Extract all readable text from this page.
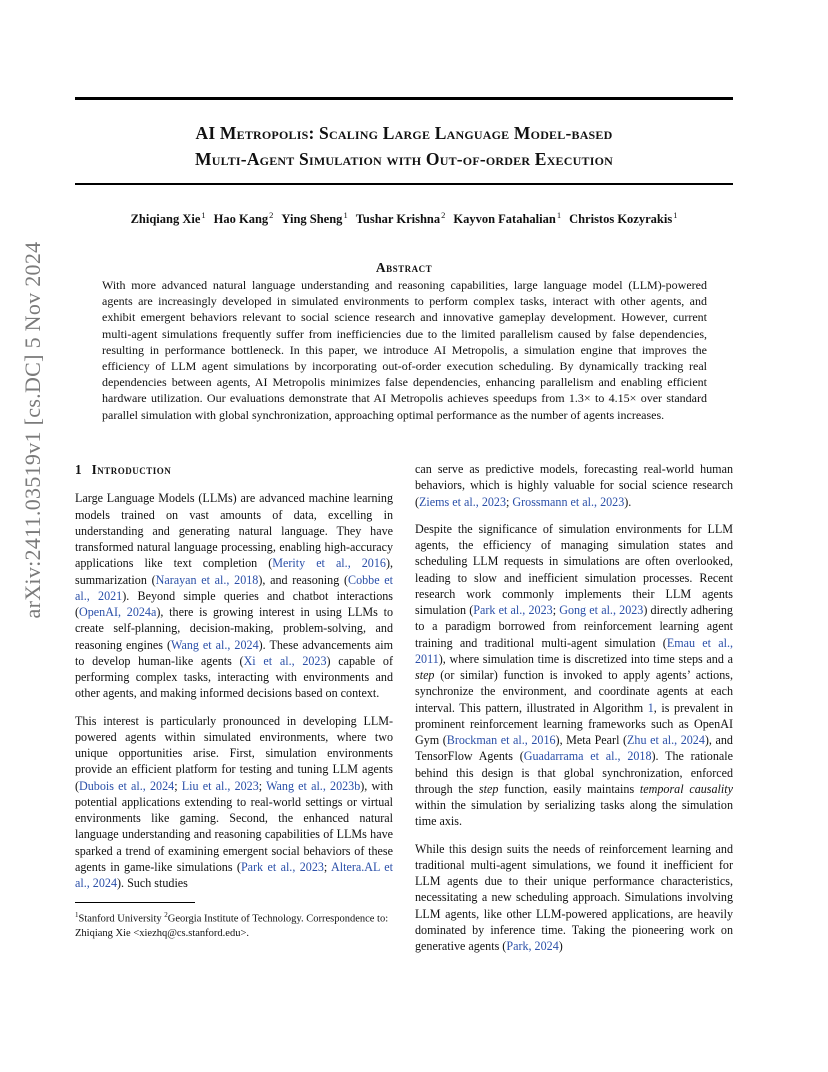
AI Metropolis: Scaling Large Language Model-based
Multi-Agent Simulation with Out-of-order Execution
Zhiqiang Xie$^1$ Hao Kang$^2$ Ying Sheng$^1$ Tushar Krishna$^2$ Kayvon Fatahalian$^1$ Christos Kozyrakis$^1$
Abstract

With more advanced natural language understanding and reasoning capabilities, large language model (LLM)-powered agents are increasingly developed in simulated environments to perform complex tasks, interact with other agents, and exhibit emergent behaviors relevant to social science research and innovative gameplay development. However, current multi-agent simulations frequently suffer from inefficiencies due to the limited parallelism caused by false dependencies, resulting in performance bottleneck. In this paper, we introduce AI Metropolis, a simulation engine that improves the efficiency of LLM agent simulations by incorporating out-of-order execution scheduling. By dynamically tracking real dependencies between agents, AI Metropolis minimizes false dependencies, enhancing parallelism and enabling efficient hardware utilization. Our evaluations demonstrate that AI Metropolis achieves speedups from 1.3× to 4.15× over standard parallel simulation with global synchronization, approaching optimal performance as the number of agents increases.

arXiv:2411.03519v1 [cs.DC] 5 Nov 2024 1 Introduction

Large Language Models (LLMs) are advanced machine learning models trained on vast amounts of data, excelling in understanding and generating natural language. They have transformed natural language processing, enabling high-accuracy applications like text completion (Merity et al., 2016), summarization (Narayan et al., 2018), and reasoning (Cobbe et al., 2021). Beyond simple queries and chatbot interactions (OpenAI, 2024a), there is growing interest in using LLMs to create self-planning, decision-making, problem-solving, and reasoning engines (Wang et al., 2024). These advancements aim to develop human-like agents (Xi et al., 2023) capable of performing complex tasks, interacting with environments and other agents, and making informed decisions based on context.

This interest is particularly pronounced in developing LLM-powered agents within simulated environments, where two unique opportunities arise. First, simulation environments provide an efficient platform for testing and tuning LLM agents (Dubois et al., 2024; Liu et al., 2023; Wang et al., 2023b), with potential applications extending to real-world settings or virtual environments like gaming. Second, the enhanced natural language understanding and reasoning capabilities of LLMs have sparked a trend of examining emergent social behaviors of these agents in game-like simulations (Park et al., 2023; Altera.AL et al., 2024). Such studies

can serve as predictive models, forecasting real-world human behaviors, which is highly valuable for social science research (Ziems et al., 2023; Grossmann et al., 2023).

Despite the significance of simulation environments for LLM agents, the efficiency of managing simulation states and scheduling LLM requests in simulations are often overlooked, leading to slow and inefficient simulation processes. Recent research work commonly implements their LLM agents simulation (Park et al., 2023; Gong et al., 2023) directly adhering to a paradigm borrowed from reinforcement learning agent training and traditional multi-agent simulation (Emau et al., 2011), where simulation time is discretized into time steps and a step (or similar) function is invoked to apply agents’ actions, synchronize the environment, and coordinate agents at each interval. This pattern, illustrated in Algorithm 1, is prevalent in prominent reinforcement learning frameworks such as OpenAI Gym (Brockman et al., 2016), Meta Pearl (Zhu et al., 2024), and TensorFlow Agents (Guadarrama et al., 2018). The rationale behind this design is that global synchronization, enforced through the step function, easily maintains temporal causality within the simulation by serializing tasks along the simulation time axis.

While this design suits the needs of reinforcement learning and traditional multi-agent simulations, we found it inefficient for LLM agents due to their unique performance characteristics, necessitating a new scheduling approach. Simulations involving LLM agents, like other LLM-powered applications, are heavily dominated by inference time. Taking the pioneering work on generative agents (Park, 2024)

$^1$Stanford University $^2$Georgia Institute of Technology. Correspondence to: Zhiqiang Xie <xiezhq@cs.stanford.edu>.
